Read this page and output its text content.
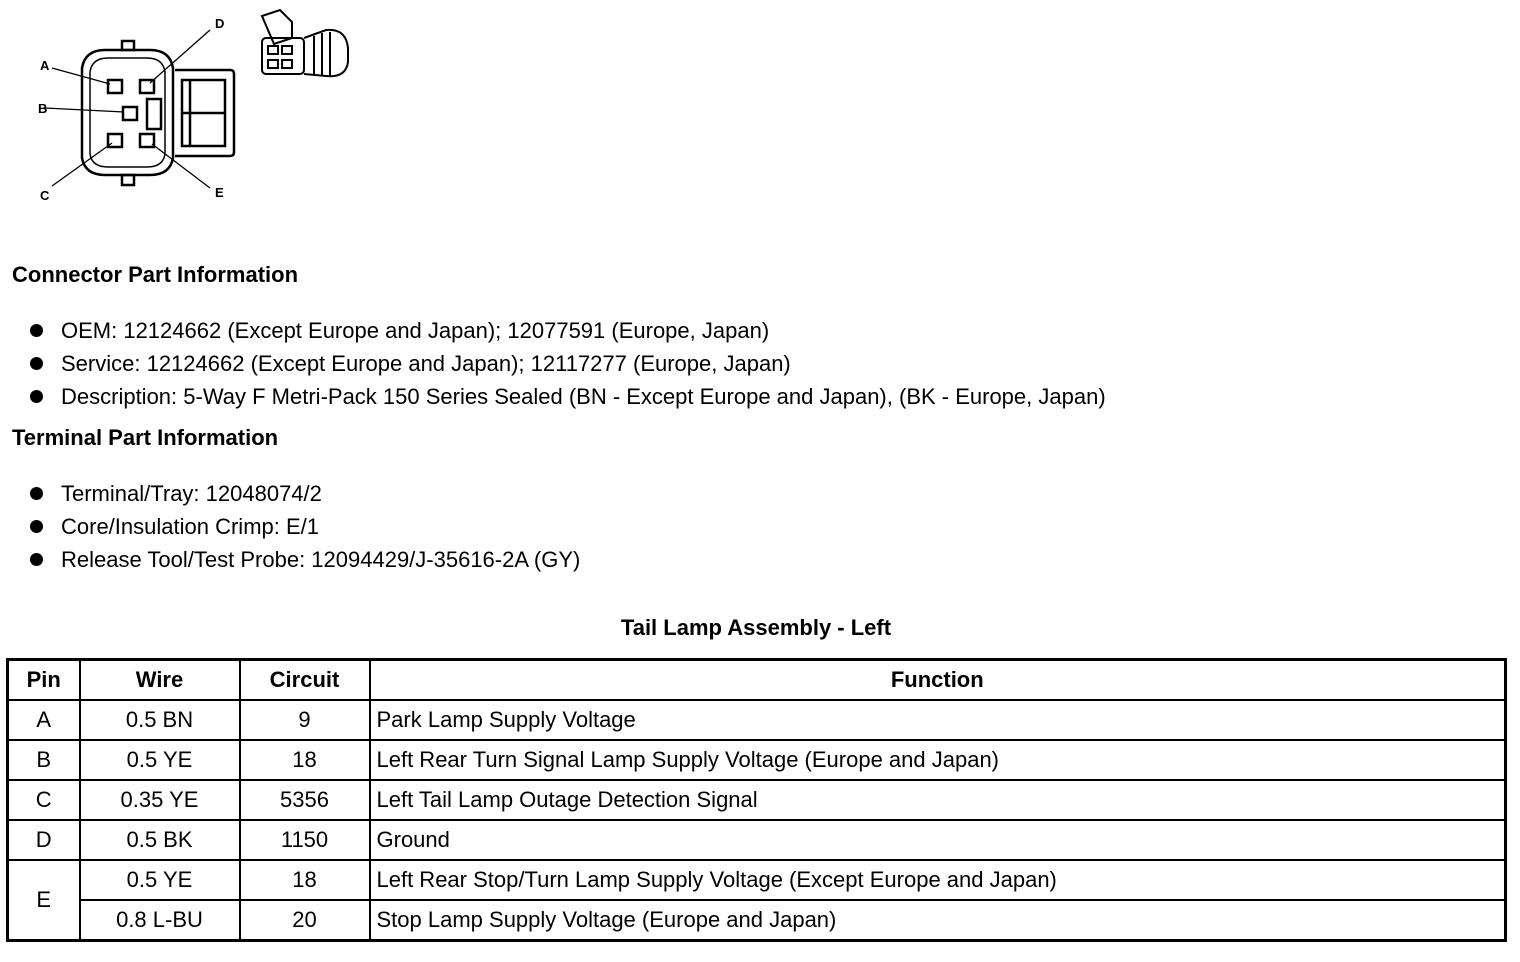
A
B
C
D
E
Connector Part Information
OEM: 12124662 (Except Europe and Japan); 12077591 (Europe, Japan)
Service: 12124662 (Except Europe and Japan); 12117277 (Europe, Japan)
Description: 5-Way F Metri-Pack 150 Series Sealed (BN - Except Europe and Japan), (BK - Europe, Japan)
Terminal Part Information
Terminal/Tray: 12048074/2
Core/Insulation Crimp: E/1
Release Tool/Test Probe: 12094429/J-35616-2A (GY)
Tail Lamp Assembly - Left
Pin	Wire	Circuit	Function
A	0.5 BN	9	Park Lamp Supply Voltage
B	0.5 YE	18	Left Rear Turn Signal Lamp Supply Voltage (Europe and Japan)
C	0.35 YE	5356	Left Tail Lamp Outage Detection Signal
D	0.5 BK	1150	Ground
E	0.5 YE	18	Left Rear Stop/Turn Lamp Supply Voltage (Except Europe and Japan)
	0.8 L-BU	20	Stop Lamp Supply Voltage (Europe and Japan)
